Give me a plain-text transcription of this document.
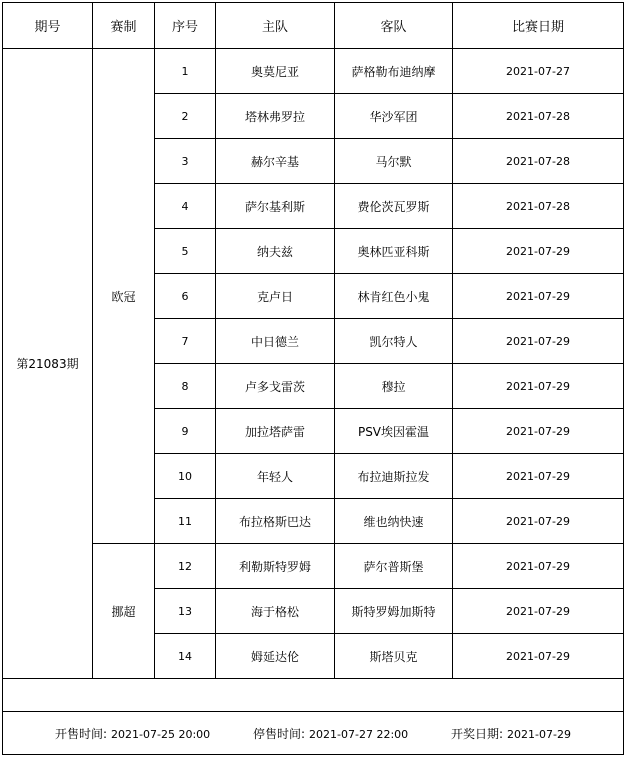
期号	赛制	序号	主队	客队	比赛日期
第21083期	欧冠	1	奥莫尼亚	萨格勒布迪纳摩	2021-07-27
		2	塔林弗罗拉	华沙军团	2021-07-28
		3	赫尔辛基	马尔默	2021-07-28
		4	萨尔基利斯	费伦茨瓦罗斯	2021-07-28
		5	纳夫兹	奥林匹亚科斯	2021-07-29
		6	克卢日	林肯红色小鬼	2021-07-29
		7	中日德兰	凯尔特人	2021-07-29
		8	卢多戈雷茨	穆拉	2021-07-29
		9	加拉塔萨雷	PSV埃因霍温	2021-07-29
		10	年轻人	布拉迪斯拉发	2021-07-29
		11	布拉格斯巴达	维也纳快速	2021-07-29
	挪超	12	利勒斯特罗姆	萨尔普斯堡	2021-07-29
		13	海于格松	斯特罗姆加斯特	2021-07-29
		14	姆延达伦	斯塔贝克	2021-07-29

开售时间: 2021-07-25 20:00 停售时间: 2021-07-27 22:00 开奖日期: 2021-07-29					
